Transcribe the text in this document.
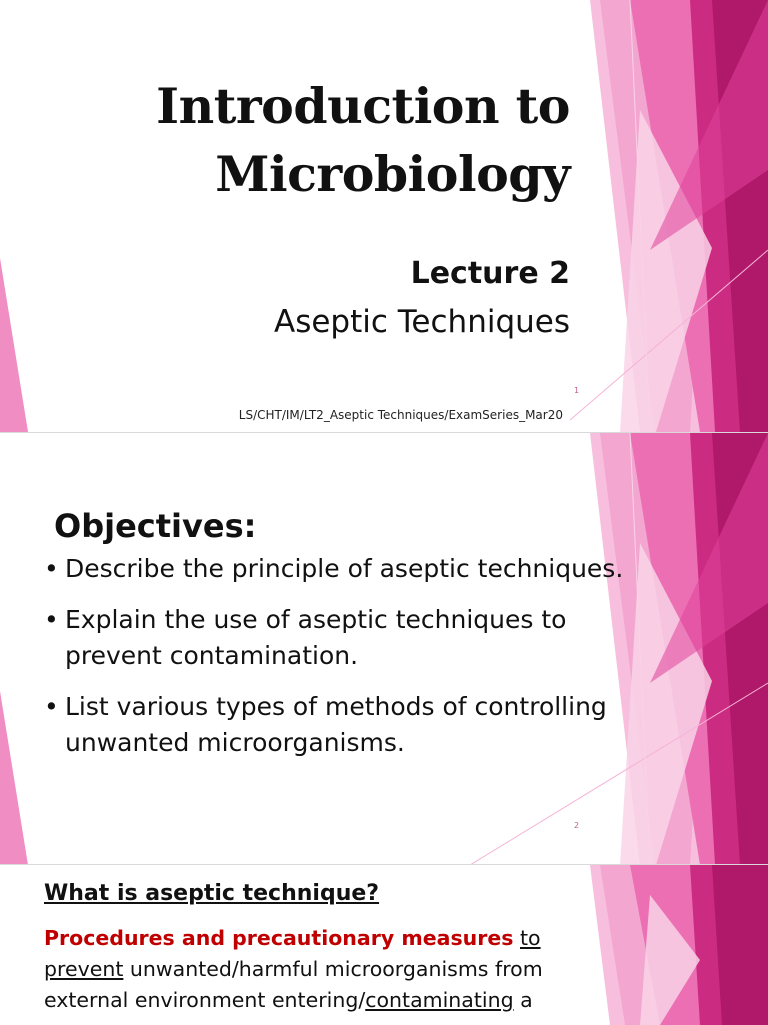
Introduction to
Microbiology
Lecture 2
Aseptic Techniques
1
LS/CHT/IM/LT2_Aseptic Techniques/ExamSeries_Mar20
Objectives:
• Describe the principle of aseptic techniques.
• Explain the use of aseptic techniques to prevent contamination.
• List various types of methods of controlling unwanted microorganisms.
2
What is aseptic technique?

Procedures and precautionary measures to prevent unwanted/harmful microorganisms from external environment entering/contaminating a
